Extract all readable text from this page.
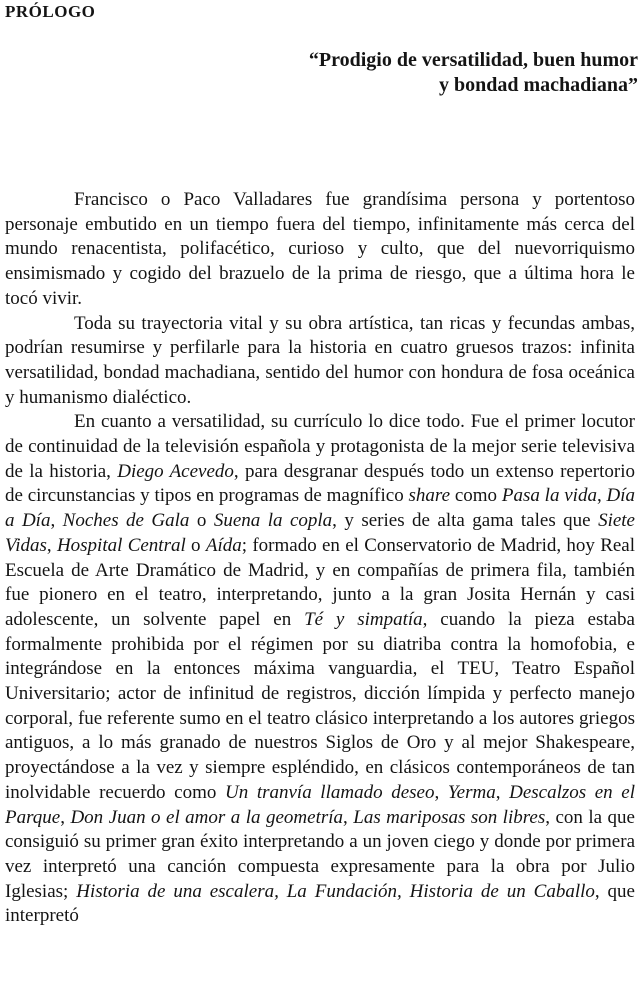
PRÓLOGO
“Prodigio de versatilidad, buen humor
y bondad machadiana”

Francisco o Paco Valladares fue grandísima persona y portentoso personaje embutido en un tiempo fuera del tiempo, infinitamente más cerca del mundo renacentista, polifacético, curioso y culto, que del nuevorriquismo ensimismado y cogido del brazuelo de la prima de riesgo, que a última hora le tocó vivir.

Toda su trayectoria vital y su obra artística, tan ricas y fecundas ambas, podrían resumirse y perfilarle para la historia en cuatro gruesos trazos: infinita versatilidad, bondad machadiana, sentido del humor con hondura de fosa oceánica y humanismo dialéctico.

En cuanto a versatilidad, su currículo lo dice todo. Fue el primer locutor de continuidad de la televisión española y protagonista de la mejor serie televisiva de la historia, Diego Acevedo, para desgranar después todo un extenso repertorio de circunstancias y tipos en programas de magnífico share como Pasa la vida, Día a Día, Noches de Gala o Suena la copla, y series de alta gama tales que Siete Vidas, Hospital Central o Aída; formado en el Conservatorio de Madrid, hoy Real Escuela de Arte Dramático de Madrid, y en compañías de primera fila, también fue pionero en el teatro, interpretando, junto a la gran Josita Hernán y casi adolescente, un solvente papel en Té y simpatía, cuando la pieza estaba formalmente prohibida por el régimen por su diatriba contra la homofobia, e integrándose en la entonces máxima vanguardia, el TEU, Teatro Español Universitario; actor de infinitud de registros, dicción límpida y perfecto manejo corporal, fue referente sumo en el teatro clásico interpretando a los autores griegos antiguos, a lo más granado de nuestros Siglos de Oro y al mejor Shakespeare, proyectándose a la vez y siempre espléndido, en clásicos contemporáneos de tan inolvidable recuerdo como Un tranvía llamado deseo, Yerma, Descalzos en el Parque, Don Juan o el amor a la geometría, Las mariposas son libres, con la que consiguió su primer gran éxito interpretando a un joven ciego y donde por primera vez interpretó una canción compuesta expresamente para la obra por Julio Iglesias; Historia de una escalera, La Fundación, Historia de un Caballo, que interpretó
